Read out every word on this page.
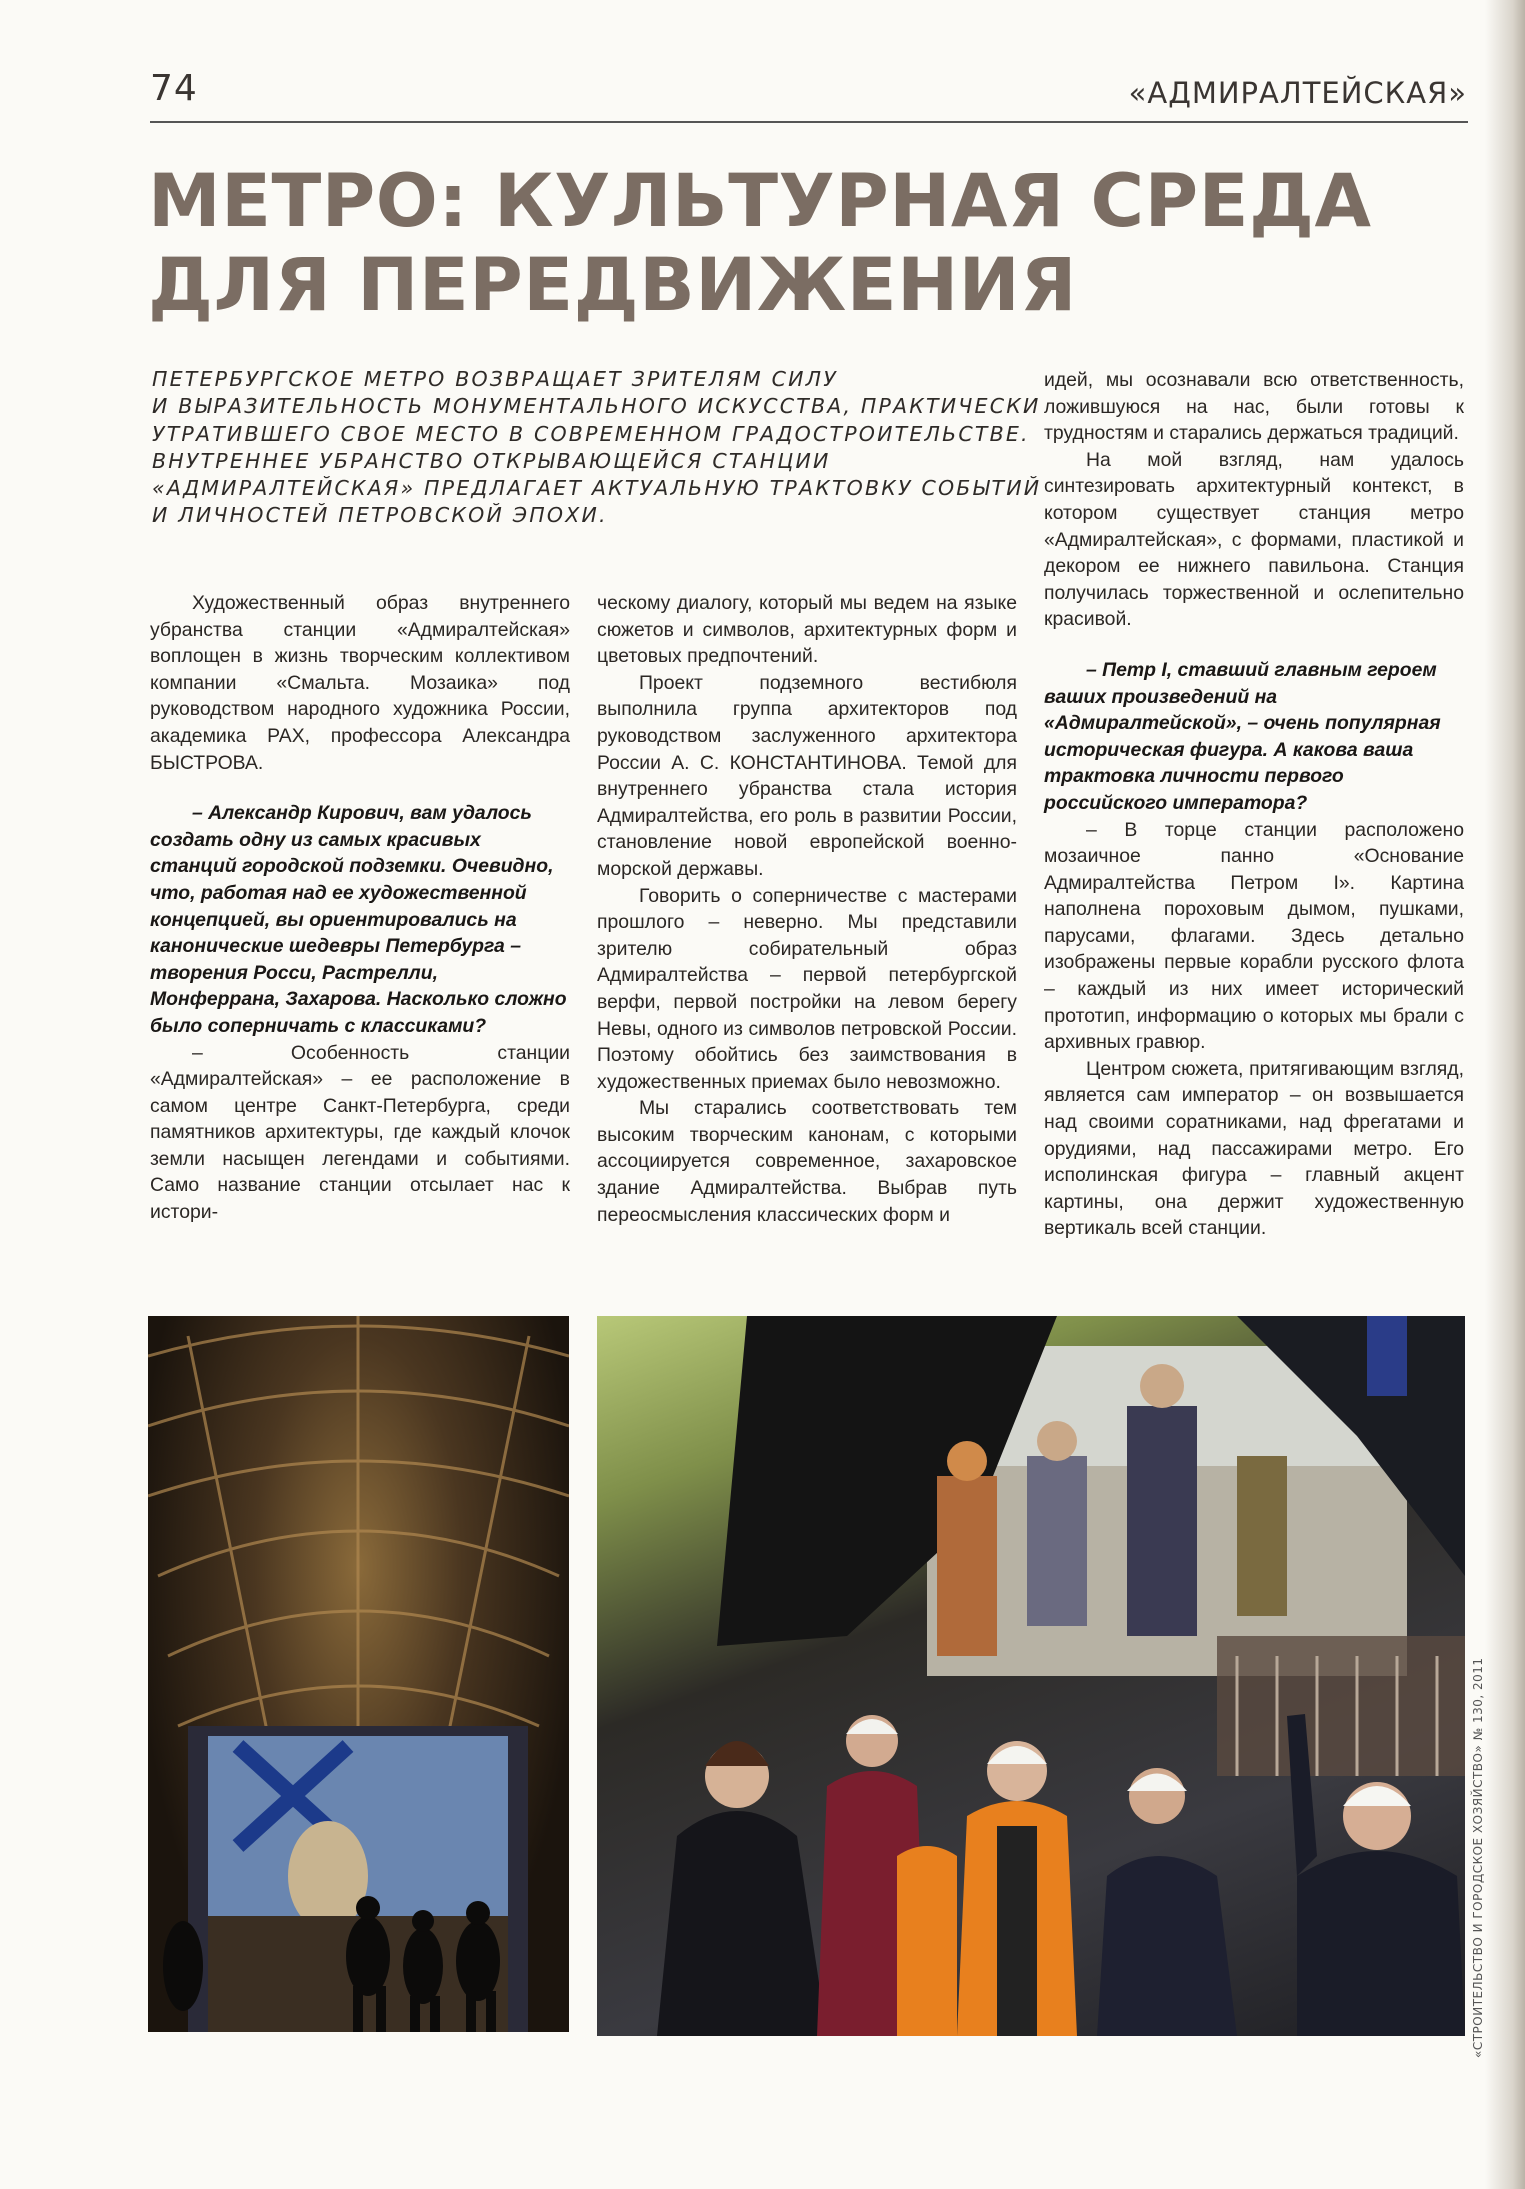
74	«АДМИРАЛТЕЙСКАЯ»
МЕТРО: КУЛЬТУРНАЯ СРЕДА
ДЛЯ ПЕРЕДВИЖЕНИЯ
ПЕТЕРБУРГСКОЕ МЕТРО ВОЗВРАЩАЕТ ЗРИТЕЛЯМ СИЛУ
И ВЫРАЗИТЕЛЬНОСТЬ МОНУМЕНТАЛЬНОГО ИСКУССТВА, ПРАКТИЧЕСКИ
УТРАТИВШЕГО СВОЕ МЕСТО В СОВРЕМЕННОМ ГРАДОСТРОИТЕЛЬСТВЕ.
ВНУТРЕННЕЕ УБРАНСТВО ОТКРЫВАЮЩЕЙСЯ СТАНЦИИ
«АДМИРАЛТЕЙСКАЯ» ПРЕДЛАГАЕТ АКТУАЛЬНУЮ ТРАКТОВКУ СОБЫТИЙ
И ЛИЧНОСТЕЙ ПЕТРОВСКОЙ ЭПОХИ.

Художественный образ внутреннего убранства станции «Адмиралтейская» воплощен в жизнь творческим коллективом компании «Смальта. Мозаика» под руководством народного художника России, академика РАХ, профессора Александра БЫСТРОВА.

– Александр Кирович, вам удалось создать одну из самых красивых станций городской подземки. Очевидно, что, работая над ее художественной концепцией, вы ориентировались на канонические шедевры Петербурга – творения Росси, Растрелли, Монферрана, Захарова. Насколько сложно было соперничать с классиками?

– Особенность станции «Адмиралтейская» – ее расположение в самом центре Санкт-Петербурга, среди памятников архитектуры, где каждый клочок земли насыщен легендами и событиями. Само название станции отсылает нас к истори-

ческому диалогу, который мы ведем на языке сюжетов и символов, архитектурных форм и цветовых предпочтений.

Проект подземного вестибюля выполнила группа архитекторов под руководством заслуженного архитектора России А. С. КОНСТАНТИНОВА. Темой для внутреннего убранства стала история Адмиралтейства, его роль в развитии России, становление новой европейской военно-морской державы.

Говорить о соперничестве с мастерами прошлого – неверно. Мы представили зрителю собирательный образ Адмиралтейства – первой петербургской верфи, первой постройки на левом берегу Невы, одного из символов петровской России. Поэтому обойтись без заимствования в художественных приемах было невозможно.

Мы старались соответствовать тем высоким творческим канонам, с которыми ассоциируется современное, захаровское здание Адмиралтейства. Выбрав путь переосмысления классических форм и

идей, мы осознавали всю ответственность, ложившуюся на нас, были готовы к трудностям и старались держаться традиций.

На мой взгляд, нам удалось синтезировать архитектурный контекст, в котором существует станция метро «Адмиралтейская», с формами, пластикой и декором ее нижнего павильона. Станция получилась торжественной и ослепительно красивой.

– Петр I, ставший главным героем ваших произведений на «Адмиралтейской», – очень популярная историческая фигура. А какова ваша трактовка личности первого российского императора?

– В торце станции расположено мозаичное панно «Основание Адмиралтейства Петром I». Картина наполнена пороховым дымом, пушками, парусами, флагами. Здесь детально изображены первые корабли русского флота – каждый из них имеет исторический прототип, информацию о которых мы брали с архивных гравюр.

Центром сюжета, притягивающим взгляд, является сам император – он возвышается над своими соратниками, над фрегатами и орудиями, над пассажирами метро. Его исполинская фигура – главный акцент картины, она держит художественную вертикаль всей станции.

«СТРОИТЕЛЬСТВО И ГОРОДСКОЕ ХОЗЯЙСТВО» № 130, 2011
